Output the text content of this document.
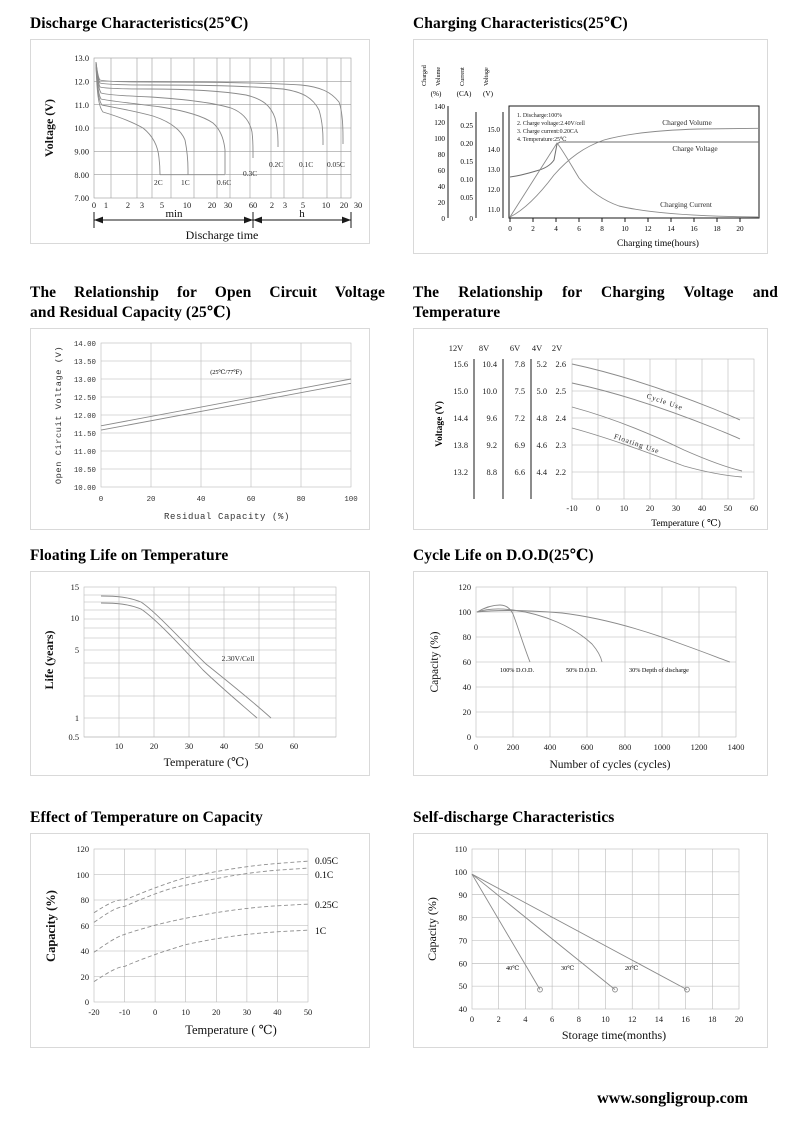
Discharge Characteristics(25℃)
13.0
12.0
11.0
10.0
9.00
8.00
7.00
Voltage (V)
0 1 2 3 5 10 20 30 60 2 3 5 10 20 30
2C 1C	0.6C
0.3C
0.2C 0.1C 0.05C
min	h
Discharge time
Charging Characteristics(25℃)
Charged Volume	Current	Voltage
(%) (CA) (V)
140
120
100
80
60
40
20
0
0.25
0.20
0.15
0.10
0.05
0
15.0
14.0
13.0
12.0
11.0
1. Discharge:100%
2. Charge voltage:2.40V/cell
3. Charge current:0.20CA
4. Temperature:25℃
Charged Volume
Charge Voltage
Charging Current
0	2	4	6	8 10 12 14 16 18 20
Charging time(hours)
The Relationship for Open Circuit Voltage
and Residual Capacity (25℃)
(25℃/77℉)
14.00
13.50
13.00
12.50
12.00
11.50
11.00
10.50
10.00
0	20	40	60	80	100
Open Circuit Voltage (V)
Residual Capacity (%)
The Relationship for Charging Voltage and
Temperature
12V 8V 6V 4V 2V
15.6
15.0
14.4
13.8
13.2
10.4
10.0
9.6
9.2
8.8
7.8
7.5
7.2
6.9
6.6
5.2
5.0
4.8
4.6
4.4
2.6
2.5
2.4
2.3
2.2
Cycle Use
Floating Use
-10 0 10 20 30 40 50 60
Voltage (V)
Temperature ( ℃)
Floating Life on Temperature
2.30V/Cell
15
10
5
1
0.5
10	20	30	40	50	60
Life (years)
Temperature (℃)
Cycle Life on D.O.D(25℃)
100% D.O.D.	50% D.O.D.	30% Depth of discharge
120
100
80
60
40
20
0
0	200	400	600	800	1000 1200 1400
Capacity (%)
Number of cycles (cycles)
Effect of Temperature on Capacity
0.05C
0.1C
0.25C
1C
120
100
80
60
40
20
0
-20 -10	0	10	20	30	40	50
Capacity (%)
Temperature ( ℃)
Self-discharge Characteristics
40℃	30℃	20℃
110
100
90
80
70
60
50
40
0	2	4	6	8 10 12 14 16 18 20
Capacity (%)
Storage time(months)
www.songligroup.com
